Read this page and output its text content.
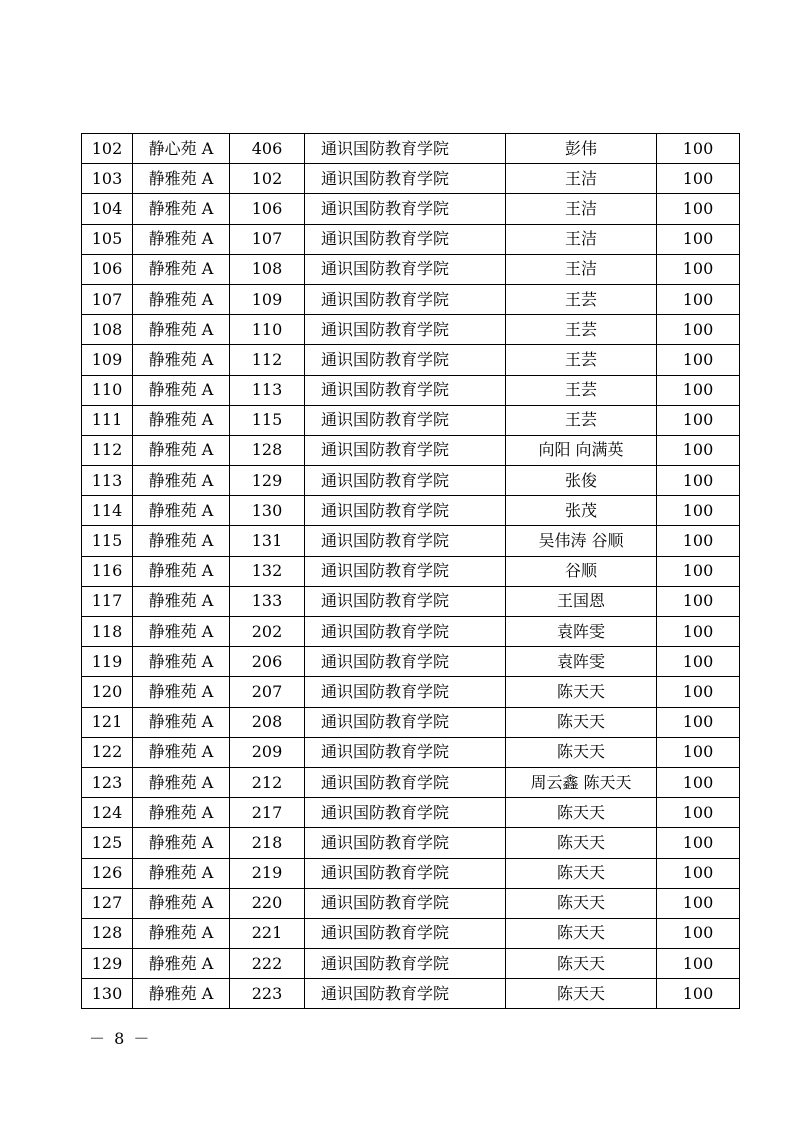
102	静心苑 A	406	通识国防教育学院	彭伟	100
103	静雅苑 A	102	通识国防教育学院	王洁	100
104	静雅苑 A	106	通识国防教育学院	王洁	100
105	静雅苑 A	107	通识国防教育学院	王洁	100
106	静雅苑 A	108	通识国防教育学院	王洁	100
107	静雅苑 A	109	通识国防教育学院	王芸	100
108	静雅苑 A	110	通识国防教育学院	王芸	100
109	静雅苑 A	112	通识国防教育学院	王芸	100
110	静雅苑 A	113	通识国防教育学院	王芸	100
111	静雅苑 A	115	通识国防教育学院	王芸	100
112	静雅苑 A	128	通识国防教育学院	向阳 向满英	100
113	静雅苑 A	129	通识国防教育学院	张俊	100
114	静雅苑 A	130	通识国防教育学院	张茂	100
115	静雅苑 A	131	通识国防教育学院	吴伟涛 谷顺	100
116	静雅苑 A	132	通识国防教育学院	谷顺	100
117	静雅苑 A	133	通识国防教育学院	王国恩	100
118	静雅苑 A	202	通识国防教育学院	袁阵雯	100
119	静雅苑 A	206	通识国防教育学院	袁阵雯	100
120	静雅苑 A	207	通识国防教育学院	陈天天	100
121	静雅苑 A	208	通识国防教育学院	陈天天	100
122	静雅苑 A	209	通识国防教育学院	陈天天	100
123	静雅苑 A	212	通识国防教育学院	周云鑫 陈天天	100
124	静雅苑 A	217	通识国防教育学院	陈天天	100
125	静雅苑 A	218	通识国防教育学院	陈天天	100
126	静雅苑 A	219	通识国防教育学院	陈天天	100
127	静雅苑 A	220	通识国防教育学院	陈天天	100
128	静雅苑 A	221	通识国防教育学院	陈天天	100
129	静雅苑 A	222	通识国防教育学院	陈天天	100
130	静雅苑 A	223	通识国防教育学院	陈天天	100
－ 8 －
